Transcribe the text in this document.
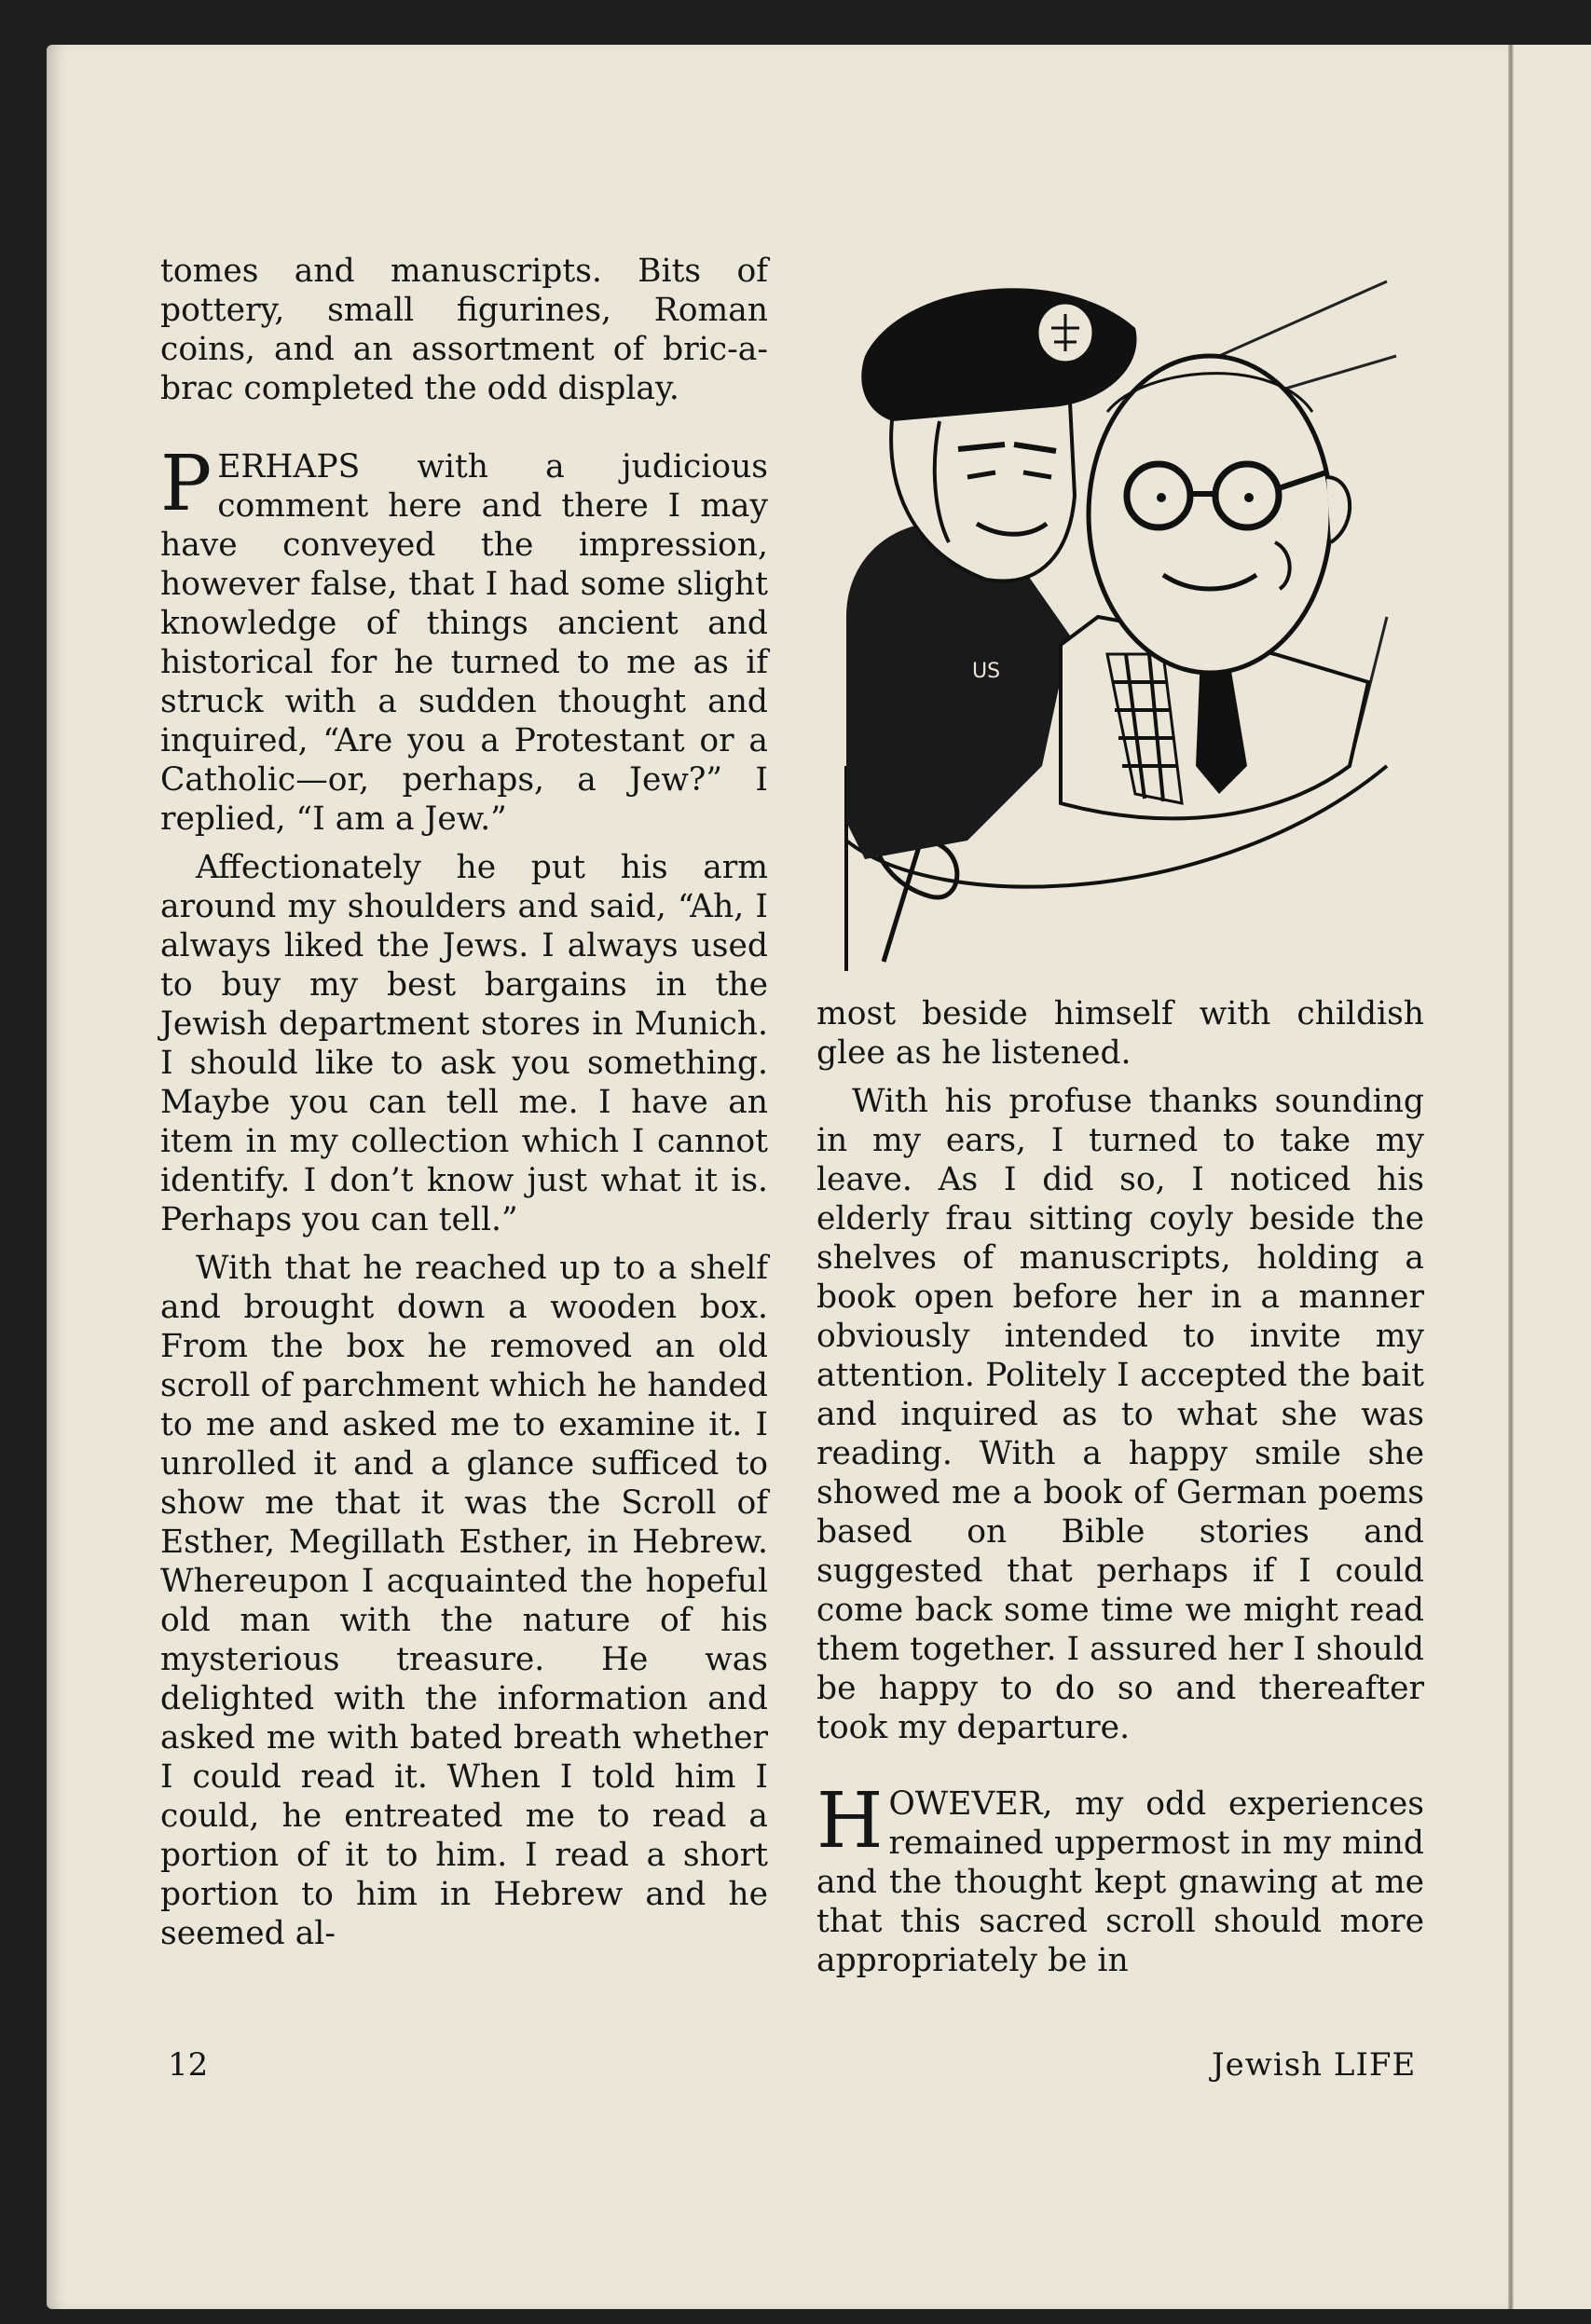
tomes and manuscripts. Bits of pottery, small figurines, Roman coins, and an assortment of bric-a-brac completed the odd display.

PERHAPS with a judicious comment here and there I may have conveyed the impression, however false, that I had some slight knowledge of things ancient and historical for he turned to me as if struck with a sudden thought and inquired, “Are you a Protestant or a Catholic—or, perhaps, a Jew?” I replied, “I am a Jew.”

Affectionately he put his arm around my shoulders and said, “Ah, I always liked the Jews. I always used to buy my best bargains in the Jewish department stores in Munich. I should like to ask you something. Maybe you can tell me. I have an item in my collection which I cannot identify. I don’t know just what it is. Perhaps you can tell.”

With that he reached up to a shelf and brought down a wooden box. From the box he removed an old scroll of parchment which he handed to me and asked me to examine it. I unrolled it and a glance sufficed to show me that it was the Scroll of Esther, Megillath Esther, in Hebrew. Whereupon I acquainted the hopeful old man with the nature of his mysterious treasure. He was delighted with the information and asked me with bated breath whether I could read it. When I told him I could, he entreated me to read a portion of it to him. I read a short portion to him in Hebrew and he seemed al-

US

most beside himself with childish glee as he listened.

With his profuse thanks sounding in my ears, I turned to take my leave. As I did so, I noticed his elderly frau sitting coyly beside the shelves of manuscripts, holding a book open before her in a manner obviously intended to invite my attention. Politely I accepted the bait and inquired as to what she was reading. With a happy smile she showed me a book of German poems based on Bible stories and suggested that perhaps if I could come back some time we might read them together. I assured her I should be happy to do so and thereafter took my departure.

HOWEVER, my odd experiences remained uppermost in my mind and the thought kept gnawing at me that this sacred scroll should more appropriately be in

12	Jewish LIFE
